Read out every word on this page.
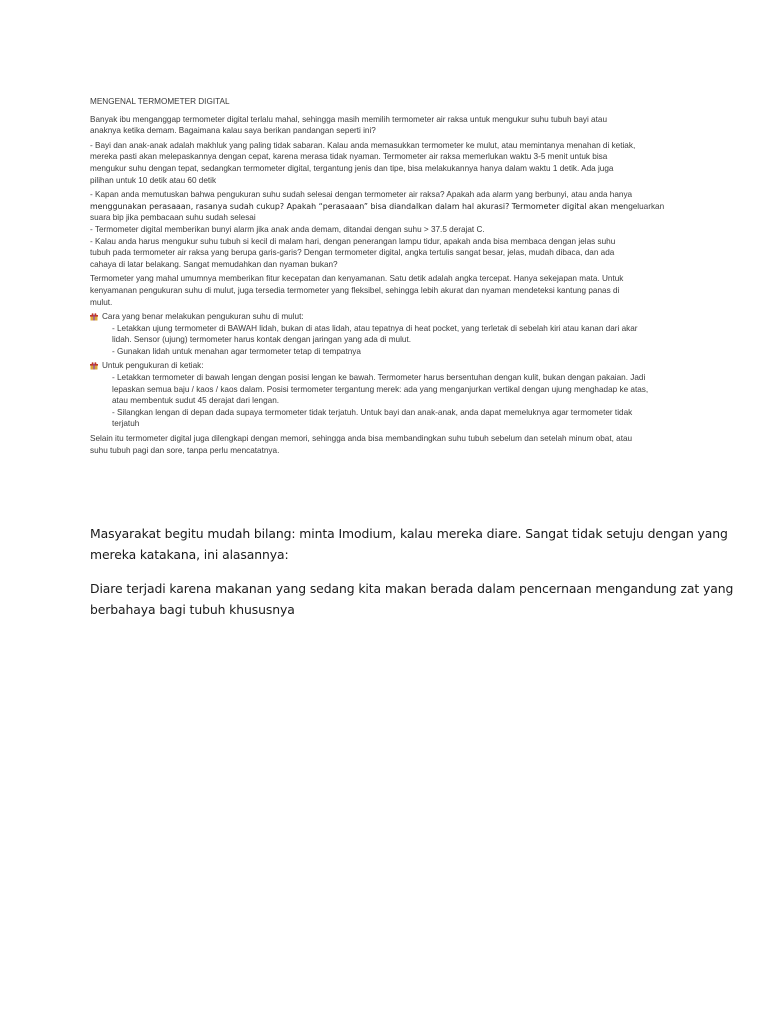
MENGENAL TERMOMETER DIGITAL
Banyak ibu menganggap termometer digital terlalu mahal, sehingga masih memilih termometer air raksa untuk mengukur suhu tubuh bayi atau
anaknya ketika demam. Bagaimana kalau saya berikan pandangan seperti ini?
- Bayi dan anak-anak adalah makhluk yang paling tidak sabaran. Kalau anda memasukkan termometer ke mulut, atau memintanya menahan di ketiak,
mereka pasti akan melepaskannya dengan cepat, karena merasa tidak nyaman. Termometer air raksa memerlukan waktu 3-5 menit untuk bisa
mengukur suhu dengan tepat, sedangkan termometer digital, tergantung jenis dan tipe, bisa melakukannya hanya dalam waktu 1 detik. Ada juga
pilihan untuk 10 detik atau 60 detik
- Kapan anda memutuskan bahwa pengukuran suhu sudah selesai dengan termometer air raksa? Apakah ada alarm yang berbunyi, atau anda hanya
menggunakan perasaaan, rasanya sudah cukup? Apakah “perasaaan” bisa diandalkan dalam hal akurasi? Termometer digital akan mengeluarkan
suara bip jika pembacaan suhu sudah selesai
- Termometer digital memberikan bunyi alarm jika anak anda demam, ditandai dengan suhu > 37.5 derajat C.
- Kalau anda harus mengukur suhu tubuh si kecil di malam hari, dengan penerangan lampu tidur, apakah anda bisa membaca dengan jelas suhu
tubuh pada termometer air raksa yang berupa garis-garis? Dengan termometer digital, angka tertulis sangat besar, jelas, mudah dibaca, dan ada
cahaya di latar belakang. Sangat memudahkan dan nyaman bukan?
Termometer yang mahal umumnya memberikan fitur kecepatan dan kenyamanan. Satu detik adalah angka tercepat. Hanya sekejapan mata. Untuk
kenyamanan pengukuran suhu di mulut, juga tersedia termometer yang fleksibel, sehingga lebih akurat dan nyaman mendeteksi kantung panas di
mulut.
Cara yang benar melakukan pengukuran suhu di mulut:
- Letakkan ujung termometer di BAWAH lidah, bukan di atas lidah, atau tepatnya di heat pocket, yang terletak di sebelah kiri atau kanan dari akar
lidah. Sensor (ujung) termometer harus kontak dengan jaringan yang ada di mulut.
- Gunakan lidah untuk menahan agar termometer tetap di tempatnya
Untuk pengukuran di ketiak:
- Letakkan termometer di bawah lengan dengan posisi lengan ke bawah. Termometer harus bersentuhan dengan kulit, bukan dengan pakaian. Jadi
lepaskan semua baju / kaos / kaos dalam. Posisi termometer tergantung merek: ada yang menganjurkan vertikal dengan ujung menghadap ke atas,
atau membentuk sudut 45 derajat dari lengan.
- Silangkan lengan di depan dada supaya termometer tidak terjatuh. Untuk bayi dan anak-anak, anda dapat memeluknya agar termometer tidak
terjatuh
Selain itu termometer digital juga dilengkapi dengan memori, sehingga anda bisa membandingkan suhu tubuh sebelum dan setelah minum obat, atau
suhu tubuh pagi dan sore, tanpa perlu mencatatnya.
Masyarakat begitu mudah bilang: minta Imodium, kalau mereka diare. Sangat tidak setuju dengan yang
mereka katakana, ini alasannya:
Diare terjadi karena makanan yang sedang kita makan berada dalam pencernaan mengandung zat yang
berbahaya bagi tubuh khususnya
